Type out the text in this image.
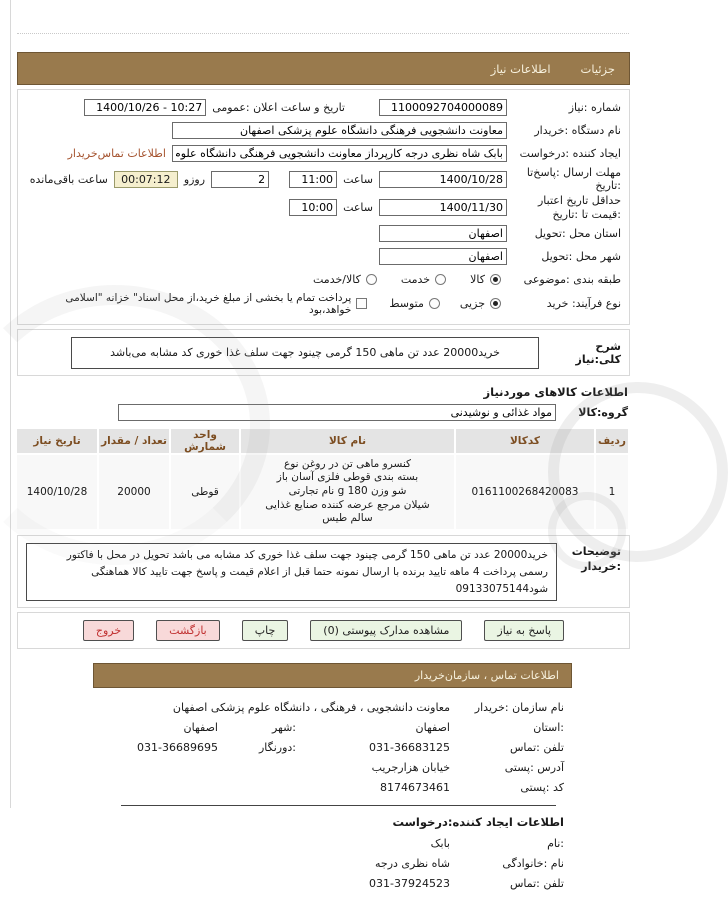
جزئیات
اطلاعات نیاز
شماره :نیاز
1100092704000089
تاریخ و ساعت اعلان :عمومی
1400/10/26 - 10:27
نام دستگاه :خریدار
معاونت دانشجویی فرهنگی دانشگاه علوم پزشکی اصفهان
ایجاد کننده :درخواست
بابک شاه نظری درجه کارپرداز معاونت دانشجویی فرهنگی دانشگاه علوم پزشکی اصفهان
اطلاعات تماس‌خریدار
مهلت ارسال :پاسخ‌تا
:تاریخ
1400/10/28
ساعت
11:00
2
روزو
00:07:12
ساعت باقی‌مانده
حداقل تاریخ اعتبار
:قیمت تا :تاریخ
1400/11/30
ساعت
10:00
استان محل :تحویل
اصفهان
شهر محل :تحویل
اصفهان
طبقه بندی :موضوعی
کالا
خدمت
کالا/خدمت
نوع فرآیند: خرید
جزیی
متوسط
پرداخت تمام یا بخشی از مبلغ خرید،از محل اسناد" خزانه "اسلامی خواهد،بود
شرح کلی:نیاز
خرید20000 عدد تن ماهی 150 گرمی چینود جهت سلف غذا خوری کد مشابه می‌باشد
اطلاعات کالاهای موردنیاز
گروه:کالا
مواد غذائی و نوشیدنی
ردیف	کدکالا	نام کالا	واحد شمارش	تعداد / مقدار	تاریخ نیاز
1	0161100268420083	کنسرو ماهی تن در روغن نوع
بسته بندی قوطی فلزی آسان باز
شو وزن g 180 نام تجارتی
شیلان مرجع عرضه کننده صنایع غذایی
سالم طیس	قوطی	20000	1400/10/28
توضیحات
:خریدار
خرید20000 عدد تن ماهی 150 گرمی چینود جهت سلف غذا خوری کد مشابه می باشد تحویل در محل با فاکتور رسمی پرداخت 4 ماهه تایید برنده با ارسال نمونه حتما قبل از اعلام قیمت و پاسخ جهت تایید کالا هماهنگی شود09133075144
پاسخ به نیاز
مشاهده مدارک پیوستی (0)
چاپ
بازگشت
خروج
اطلاعات تماس ، سازمان‌خریدار
نام سازمان :خریدار
معاونت دانشجویی ، فرهنگی ، دانشگاه علوم پزشکی اصفهان
:استان
اصفهان
:شهر
اصفهان
تلفن :تماس
031-36683125
:دورنگار
031-36689695
آدرس :پستی
خیابان هزارجریب
کد :پستی
8174673461
اطلاعات ایجاد کننده:درخواست
:نام
بابک
نام :خانوادگی
شاه نظری درجه
تلفن :تماس
031-37924523
